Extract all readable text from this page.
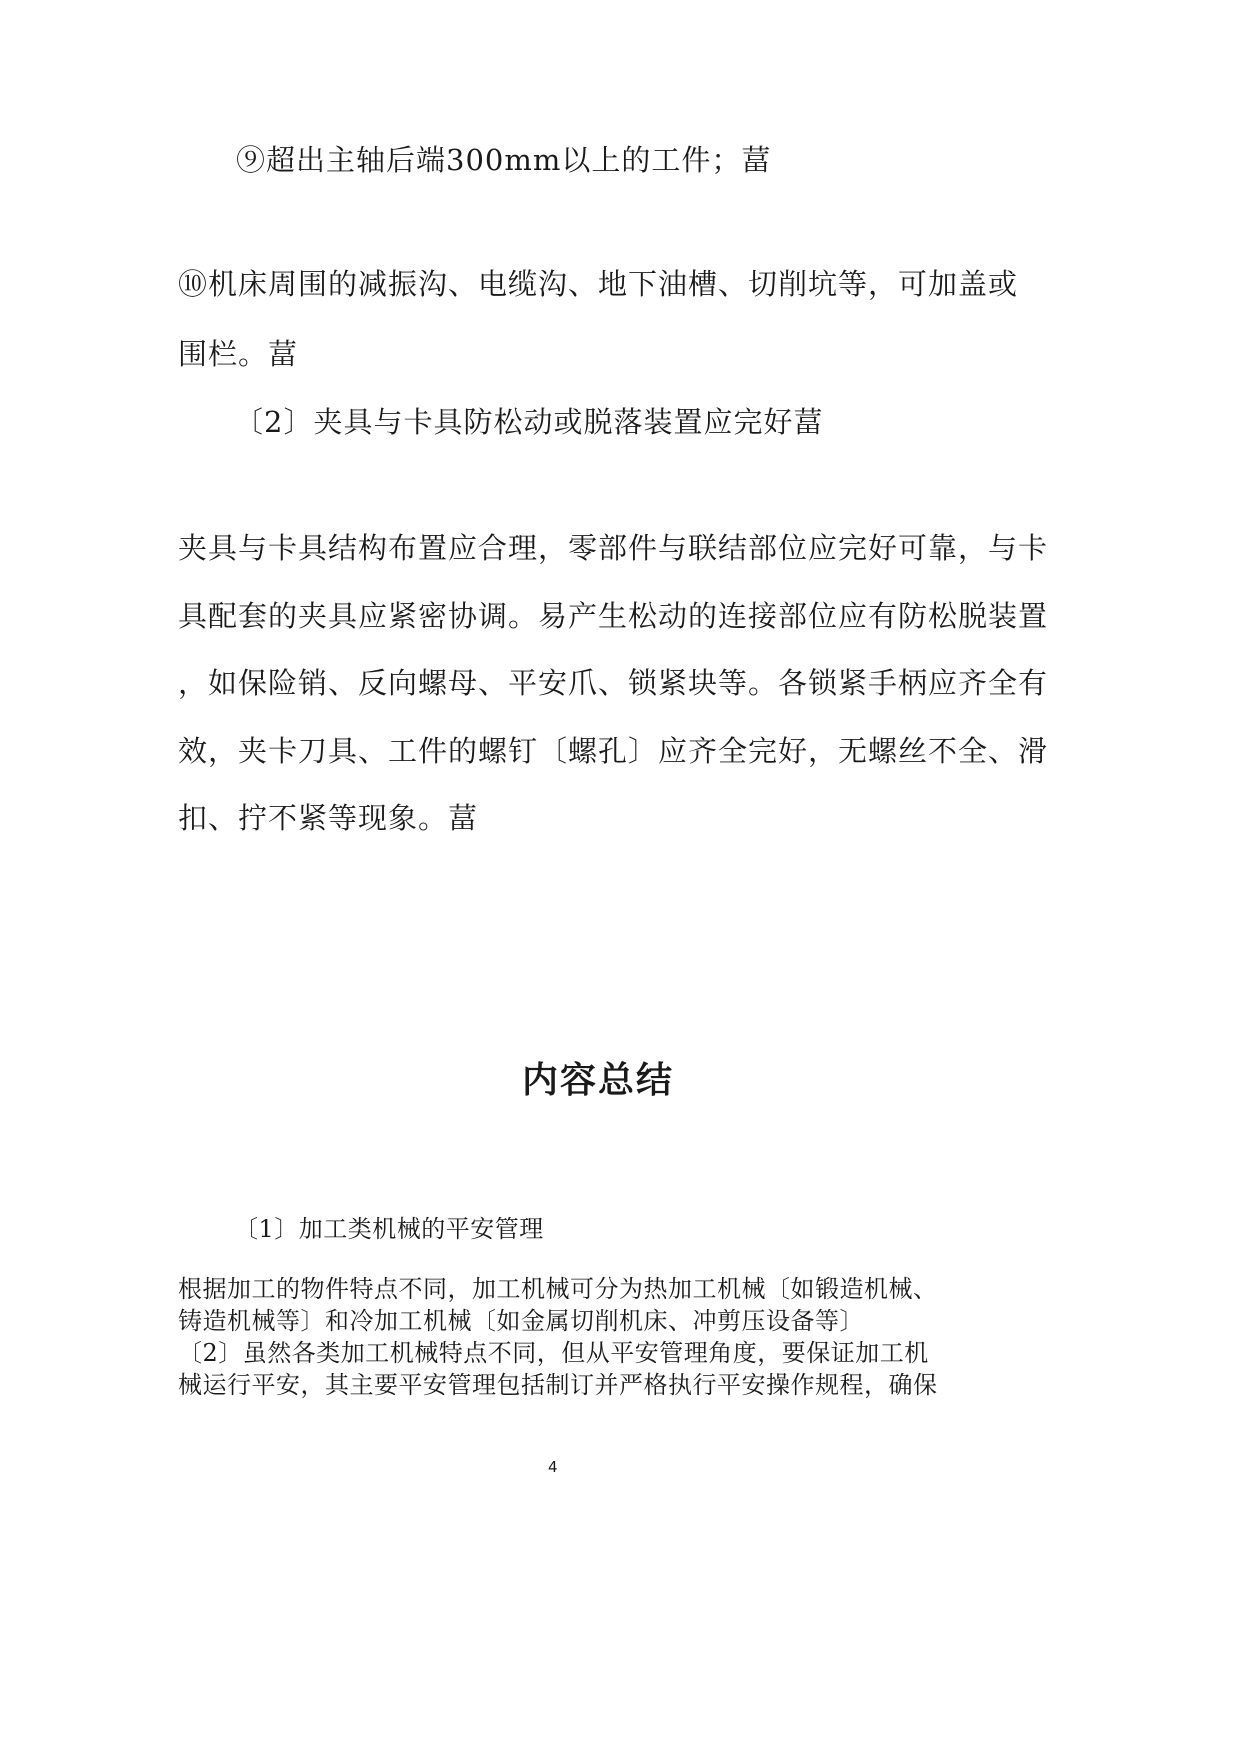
⑨超出主轴后端300mm以上的工件；葍
⑩机床周围的减振沟、电缆沟、地下油槽、切削坑等，可加盖或
围栏。葍
〔2〕夹具与卡具防松动或脱落装置应完好葍
夹具与卡具结构布置应合理，零部件与联结部位应完好可靠，与卡
具配套的夹具应紧密协调。易产生松动的连接部位应有防松脱装置
，如保险销、反向螺母、平安爪、锁紧块等。各锁紧手柄应齐全有
效，夹卡刀具、工件的螺钉〔螺孔〕应齐全完好，无螺丝不全、滑
扣、拧不紧等现象。葍
内容总结
〔1〕加工类机械的平安管理
根据加工的物件特点不同，加工机械可分为热加工机械〔如锻造机械、
铸造机械等〕和冷加工机械〔如金属切削机床、冲剪压设备等〕
〔2〕虽然各类加工机械特点不同，但从平安管理角度，要保证加工机
械运行平安，其主要平安管理包括制订并严格执行平安操作规程，确保
4
